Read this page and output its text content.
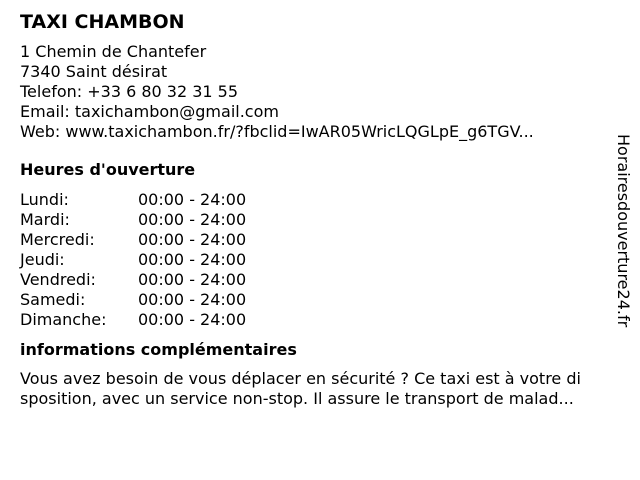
TAXI CHAMBON
1 Chemin de Chantefer
7340 Saint désirat
Telefon: +33 6 80 32 31 55
Email: taxichambon@gmail.com
Web: www.taxichambon.fr/?fbclid=IwAR05WricLQGLpE_g6TGV...
Heures d'ouverture
Lundi:	00:00 - 24:00
Mardi:	00:00 - 24:00
Mercredi:	00:00 - 24:00
Jeudi:	00:00 - 24:00
Vendredi:	00:00 - 24:00
Samedi:	00:00 - 24:00
Dimanche:	00:00 - 24:00
informations complémentaires
Vous avez besoin de vous déplacer en sécurité ? Ce taxi est à votre di
sposition, avec un service non-stop. Il assure le transport de malad...
Horairesdouverture24.fr
